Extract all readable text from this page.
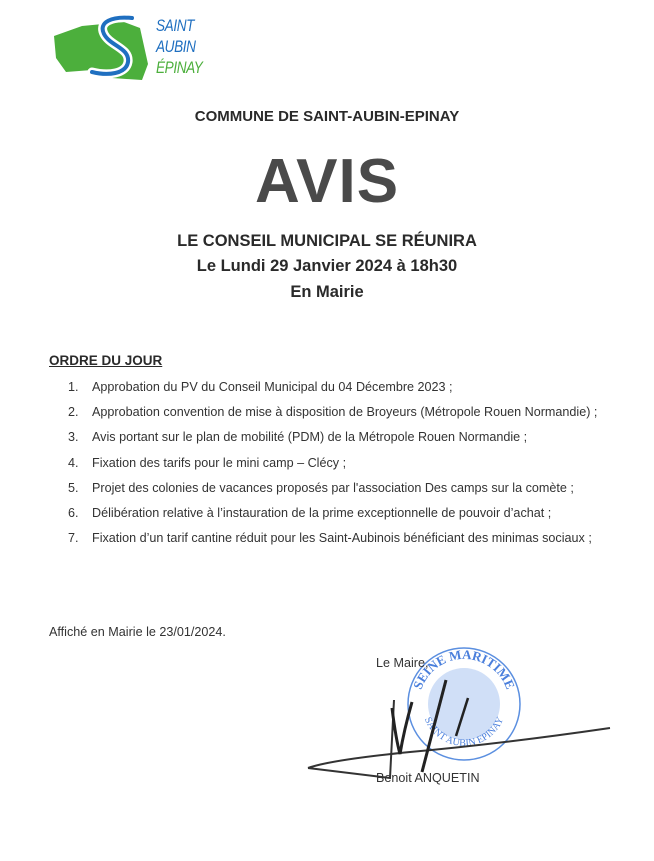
SAINT
AUBIN
ÉPINAY
COMMUNE DE SAINT-AUBIN-EPINAY
AVIS
LE CONSEIL MUNICIPAL SE RÉUNIRA
Le Lundi 29 Janvier 2024 à 18h30
En Mairie
ORDRE DU JOUR
1. Approbation du PV du Conseil Municipal du 04 Décembre 2023 ;
2. Approbation convention de mise à disposition de Broyeurs (Métropole Rouen Normandie) ;
3. Avis portant sur le plan de mobilité (PDM) de la Métropole Rouen Normandie ;
4. Fixation des tarifs pour le mini camp – Clécy ;
5. Projet des colonies de vacances proposés par l'association Des camps sur la comète ;
6. Délibération relative à l’instauration de la prime exceptionnelle de pouvoir d’achat ;
7. Fixation d’un tarif cantine réduit pour les Saint-Aubinois bénéficiant des minimas sociaux ;
Affiché en Mairie le 23/01/2024.
SEINE MARITIME
SAINT AUBIN EPINAY
Le Maire,
Benoit ANQUETIN
